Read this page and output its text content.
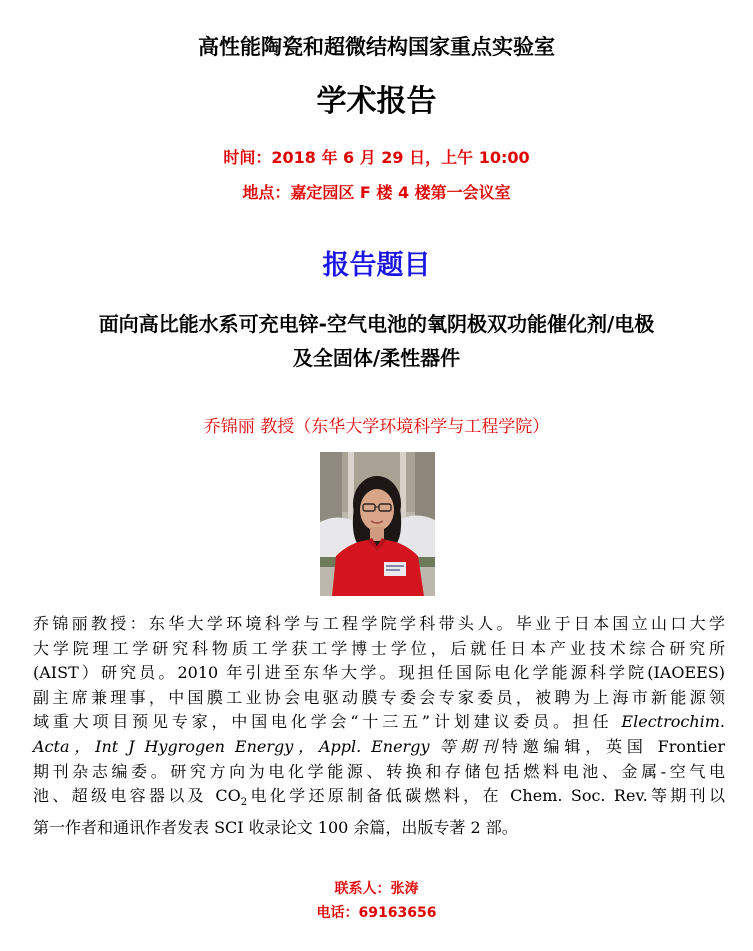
高性能陶瓷和超微结构国家重点实验室
学术报告
时间：2018 年 6 月 29 日，上午 10:00
地点：嘉定园区 F 楼 4 楼第一会议室
报告题目
面向高比能水系可充电锌-空气电池的氧阴极双功能催化剂/电极
及全固体/柔性器件
乔锦丽 教授（东华大学环境科学与工程学院）
乔锦丽教授：东华大学环境科学与工程学院学科带头人。毕业于日本国立山口大学
大学院理工学研究科物质工学获工学博士学位，后就任日本产业技术综合研究所
(AIST）研究员。2010 年引进至东华大学。现担任国际电化学能源科学院(IAOEES)
副主席兼理事，中国膜工业协会电驱动膜专委会专家委员，被聘为上海市新能源领
域重大项目预见专家，中国电化学会“十三五”计划建议委员。担任 Electrochim.
Acta，Int J Hygrogen Energy，Appl. Energy 等期刊特邀编辑，英国 Frontier
期刊杂志编委。研究方向为电化学能源、转换和存储包括燃料电池、金属-空气电
池、超级电容器以及 $CO_2$电化学还原制备低碳燃料，在 Chem. Soc. Rev.等期刊以
第一作者和通讯作者发表 SCI 收录论文 100 余篇，出版专著 2 部。
联系人：张涛
电话：69163656
